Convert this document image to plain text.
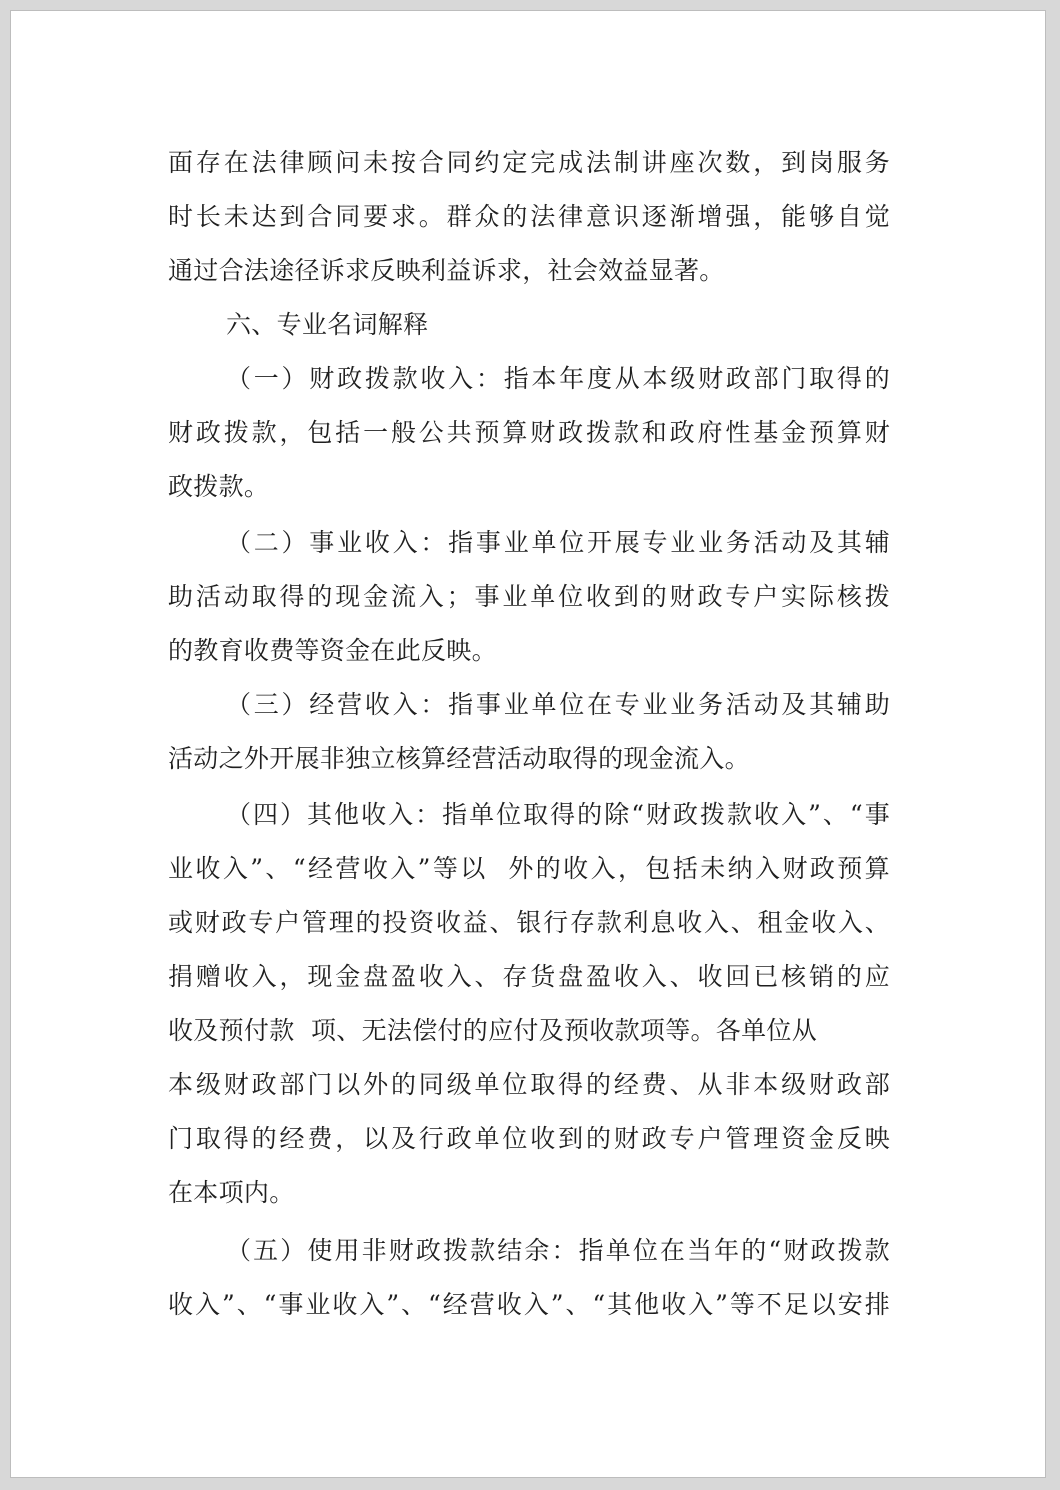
面存在法律顾问未按合同约定完成法制讲座次数，到岗服务
时长未达到合同要求。群众的法律意识逐渐增强，能够自觉
通过合法途径诉求反映利益诉求，社会效益显著。
六、专业名词解释
（一）财政拨款收入：指本年度从本级财政部门取得的
财政拨款，包括一般公共预算财政拨款和政府性基金预算财
政拨款。
（二）事业收入：指事业单位开展专业业务活动及其辅
助活动取得的现金流入；事业单位收到的财政专户实际核拨
的教育收费等资金在此反映。
（三）经营收入：指事业单位在专业业务活动及其辅助
活动之外开展非独立核算经营活动取得的现金流入。
（四）其他收入：指单位取得的除“财政拨款收入”、“事
业收入”、“经营收入”等以  外的收入，包括未纳入财政预算
或财政专户管理的投资收益、银行存款利息收入、租金收入、
捐赠收入，现金盘盈收入、存货盘盈收入、收回已核销的应
收及预付款  项、无法偿付的应付及预收款项等。各单位从
本级财政部门以外的同级单位取得的经费、从非本级财政部
门取得的经费，以及行政单位收到的财政专户管理资金反映
在本项内。
（五）使用非财政拨款结余：指单位在当年的“财政拨款
收入”、“事业收入”、“经营收入”、“其他收入”等不足以安排
